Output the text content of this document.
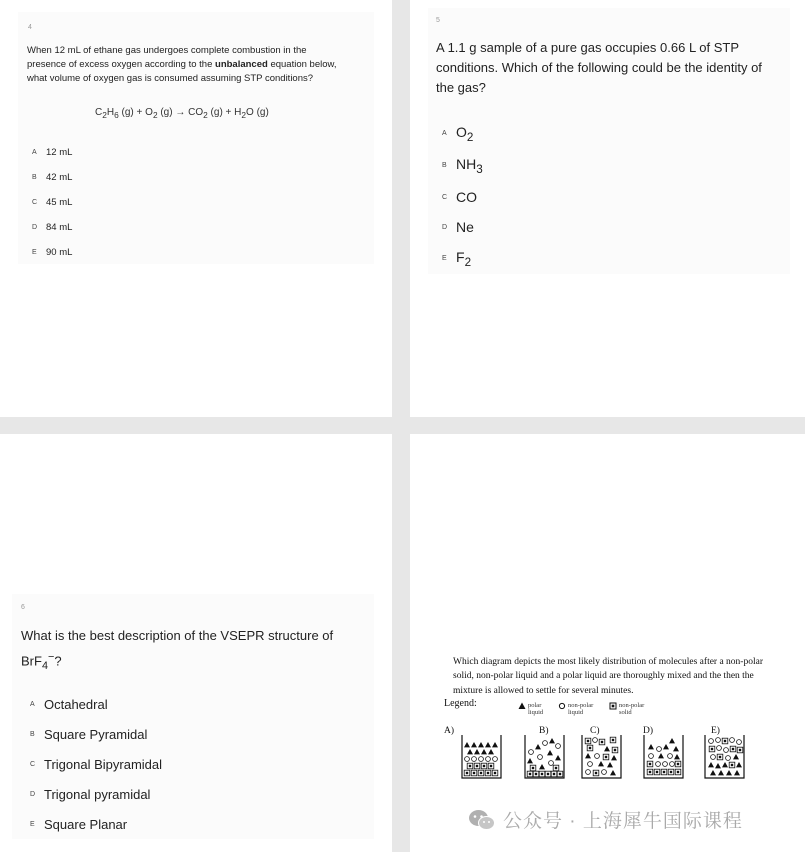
4
When 12 mL of ethane gas undergoes complete combustion in the presence of excess oxygen according to the unbalanced equation below, what volume of oxygen gas is consumed assuming STP conditions?
$C_2H_6$ $(g) + O_2$ $(g) \to CO_2$ $(g) + H_2O$ (g)
A 12 mL
B 42 mL
C 45 mL
D 84 mL
E 90 mL
5
A 1.1 g sample of a pure gas occupies 0.66 L of STP conditions. Which of the following could be the identity of the gas?
A $O_2$
B $NH_3$
C CO
D Ne
E $F_2$
6
What is the best description of the VSEPR structure of BrF$_4$−?
A Octahedral
B Square Pyramidal
C Trigonal Bipyramidal
D Trigonal pyramidal
E Square Planar
Which diagram depicts the most likely distribution of molecules after a non-polar solid, non-polar liquid and a polar liquid are thoroughly mixed and the then the mixture is allowed to settle for several minutes.
Legend:	polar
liquid
non-polar
liquid
non-polar
solid
A)	B)	C)	D)	E)
公众号 · 上海犀牛国际课程
